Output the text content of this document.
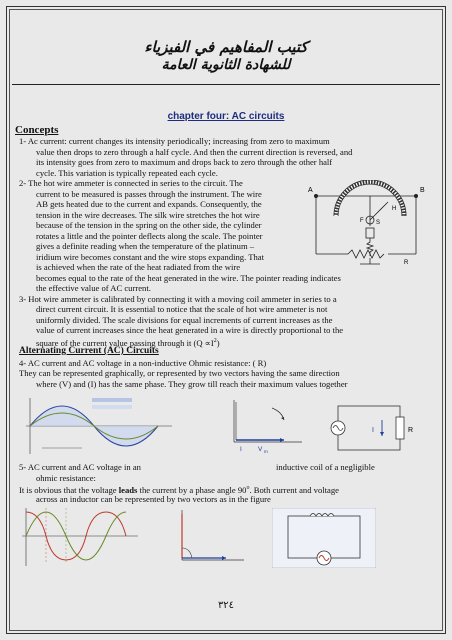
كتيب المفاهيم في الفيزياء
للشهادة الثانوية العامة
chapter four: AC circuits
Concepts
1- Ac current: current changes its intensity periodically; increasing from zero to maximum
value then drops to zero through a half cycle. And then the current direction is reversed, and
its intensity goes from zero to maximum and drops back to zero through the other half
cycle. This variation is typically repeated each cycle.
2- The hot wire ammeter is connected in series to the circuit. The
current to be measured is passes through the instrument. The wire
AB gets heated due to the current and expands. Consequently, the
tension in the wire decreases. The silk wire stretches the hot wire
because of the tension in the spring on the other side, the cylinder
rotates a little and the pointer deflects along the scale. The pointer
gives a definite reading when the temperature of the platinum –
iridium wire becomes constant and the wire stops expanding. That
is achieved when the rate of the heat radiated from the wire
becomes equal to the rate of the heat generated in the wire. The pointer reading indicates
the effective value of AC current.
A	B
H
F S
R
3- Hot wire ammeter is calibrated by connecting it with a moving coil ammeter in series to a
direct current circuit. It is essential to notice that the scale of hot wire ammeter is not
uniformly divided. The scale divisions for equal increments of current increases as the
value of current increases since the heat generated in a wire is directly proportional to the
square of the current value passing through it $(Q \propto I^2)$
Alternating Current (AC) Circuits
4- AC current and AC voltage in a non-inductive Ohmic resistance: ( R)
They can be represented graphically, or represented by two vectors having the same direction
where (V) and (I) has the same phase. They grow till reach their maximum values together
I V m
I	R
5- AC current and AC voltage in an	inductive coil of a negligible
ohmic resistance:
It is obvious that the voltage leads the current by a phase angle 90$^o$. Both current and voltage
across an inductor can be represented by two vectors as in the figure
٣٢٤
